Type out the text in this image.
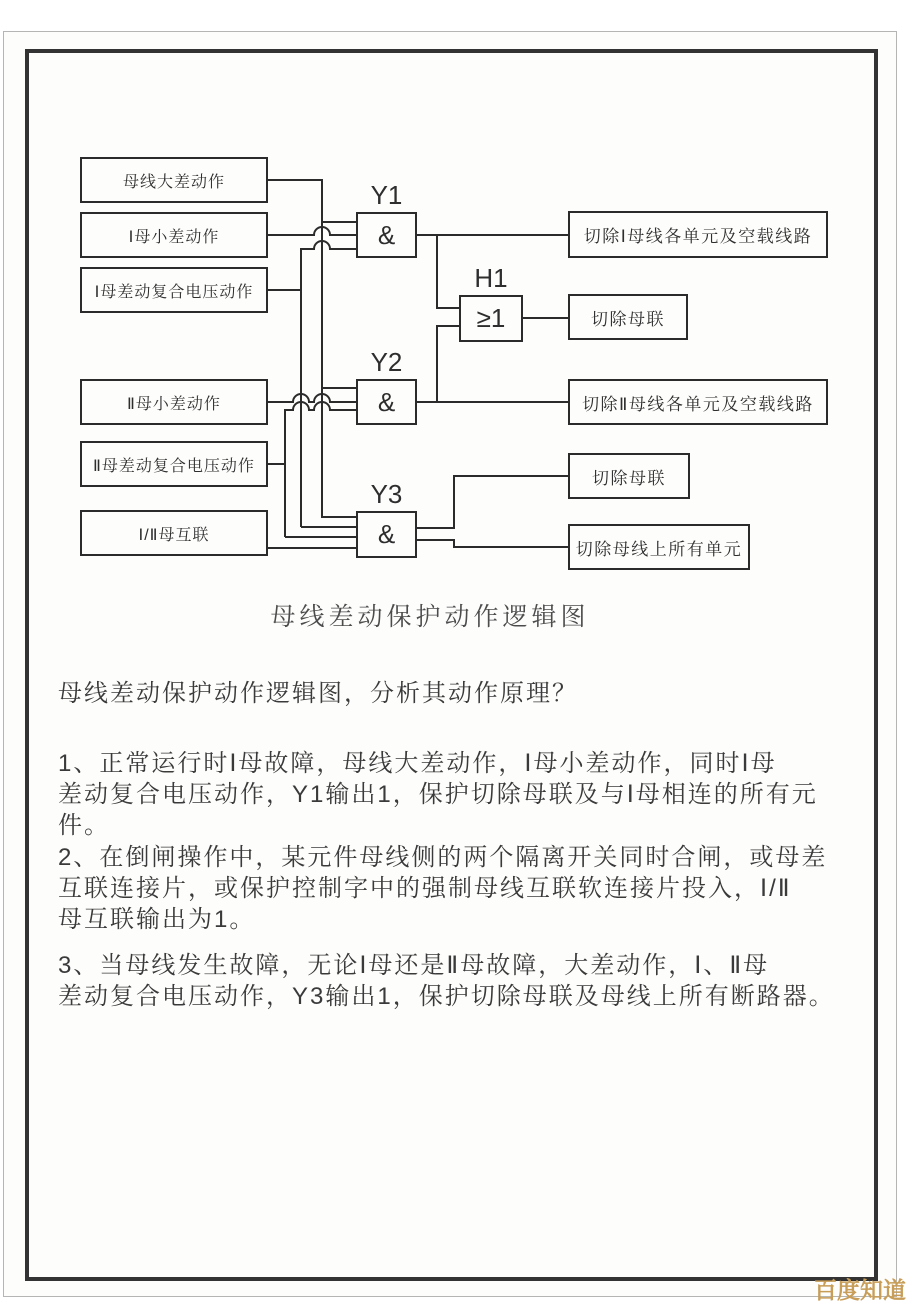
母线大差动作
Ⅰ母小差动作
Ⅰ母差动复合电压动作
Ⅱ母小差动作
Ⅱ母差动复合电压动作
Ⅰ/Ⅱ母互联
Y1
&
H1
≥1
Y2
&
Y3
&
切除Ⅰ母线各单元及空载线路
切除母联
切除Ⅱ母线各单元及空载线路
切除母联
切除母线上所有单元
母线差动保护动作逻辑图
母线差动保护动作逻辑图，分析其动作原理？
1、正常运行时Ⅰ母故障，母线大差动作，Ⅰ母小差动作，同时Ⅰ母
差动复合电压动作，Y1输出1，保护切除母联及与Ⅰ母相连的所有元
件。
2、在倒闸操作中，某元件母线侧的两个隔离开关同时合闸，或母差
互联连接片，或保护控制字中的强制母线互联软连接片投入，Ⅰ/Ⅱ
母互联输出为1。
3、当母线发生故障，无论Ⅰ母还是Ⅱ母故障，大差动作，Ⅰ、Ⅱ母
差动复合电压动作，Y3输出1，保护切除母联及母线上所有断路器。
百度知道
